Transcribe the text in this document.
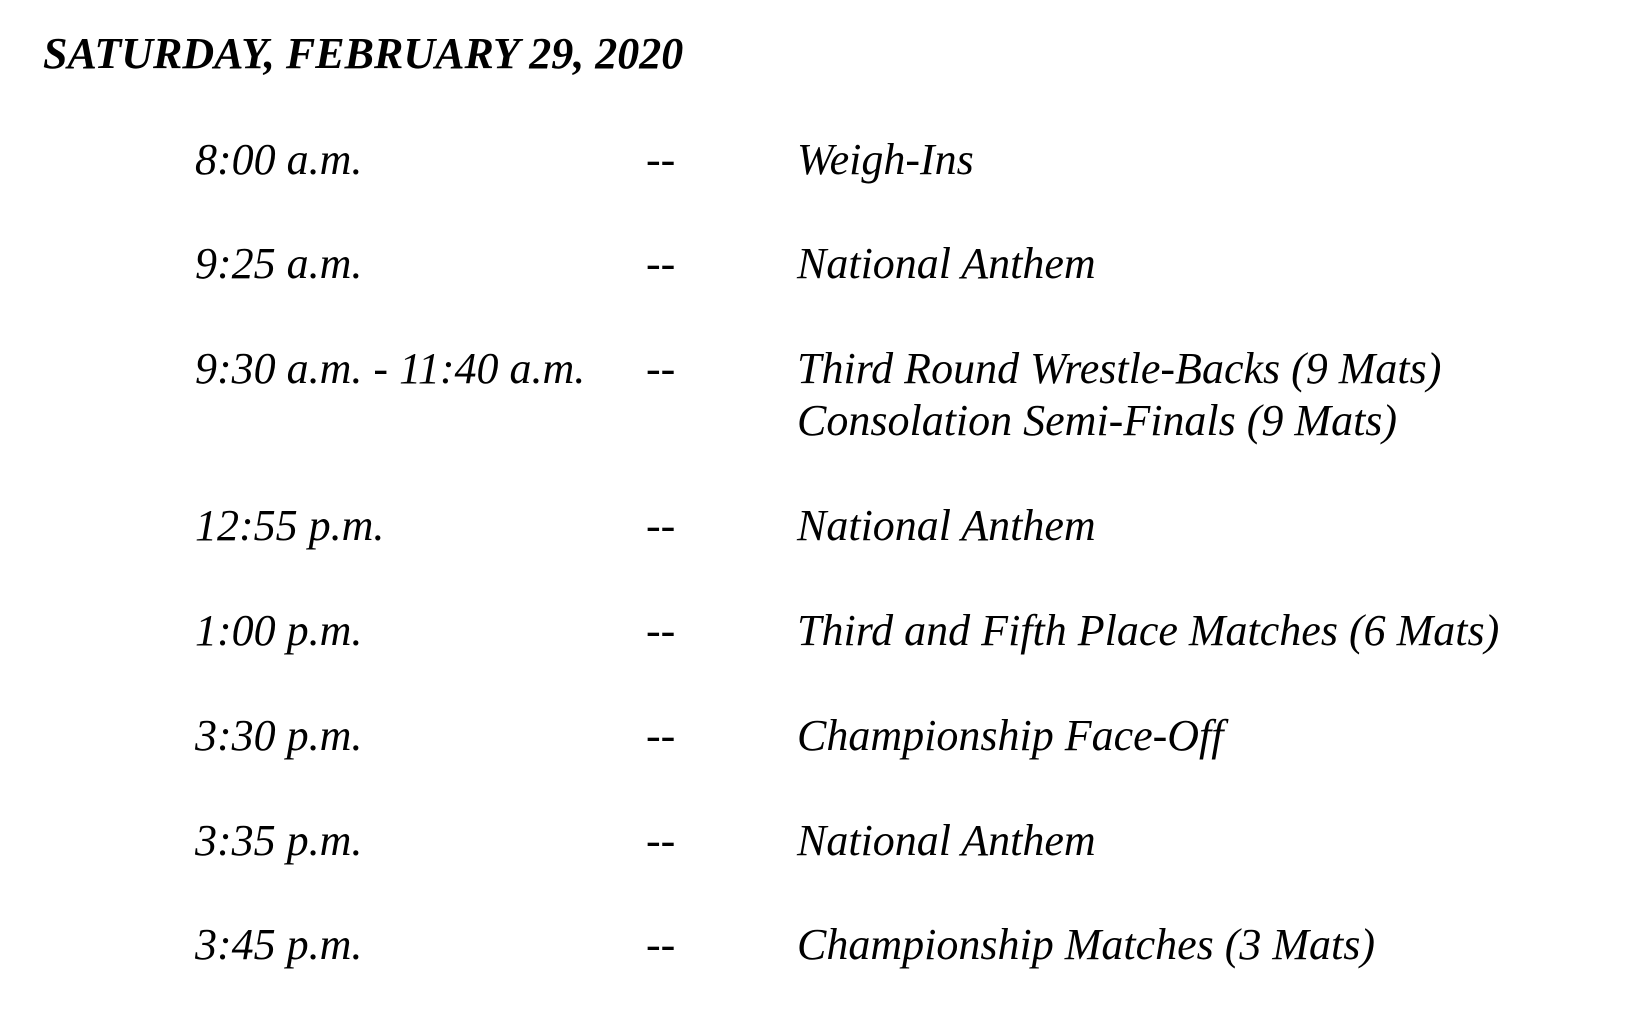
SATURDAY, FEBRUARY 29, 2020
8:00 a.m.	--	Weigh-Ins
9:25 a.m.	--	National Anthem
9:30 a.m. - 11:40 a.m. --	Third Round Wrestle-Backs (9 Mats)
Consolation Semi-Finals (9 Mats)
12:55 p.m.	--	National Anthem
1:00 p.m.	--	Third and Fifth Place Matches (6 Mats)
3:30 p.m.	--	Championship Face-Off
3:35 p.m.	--	National Anthem
3:45 p.m.	--	Championship Matches (3 Mats)
